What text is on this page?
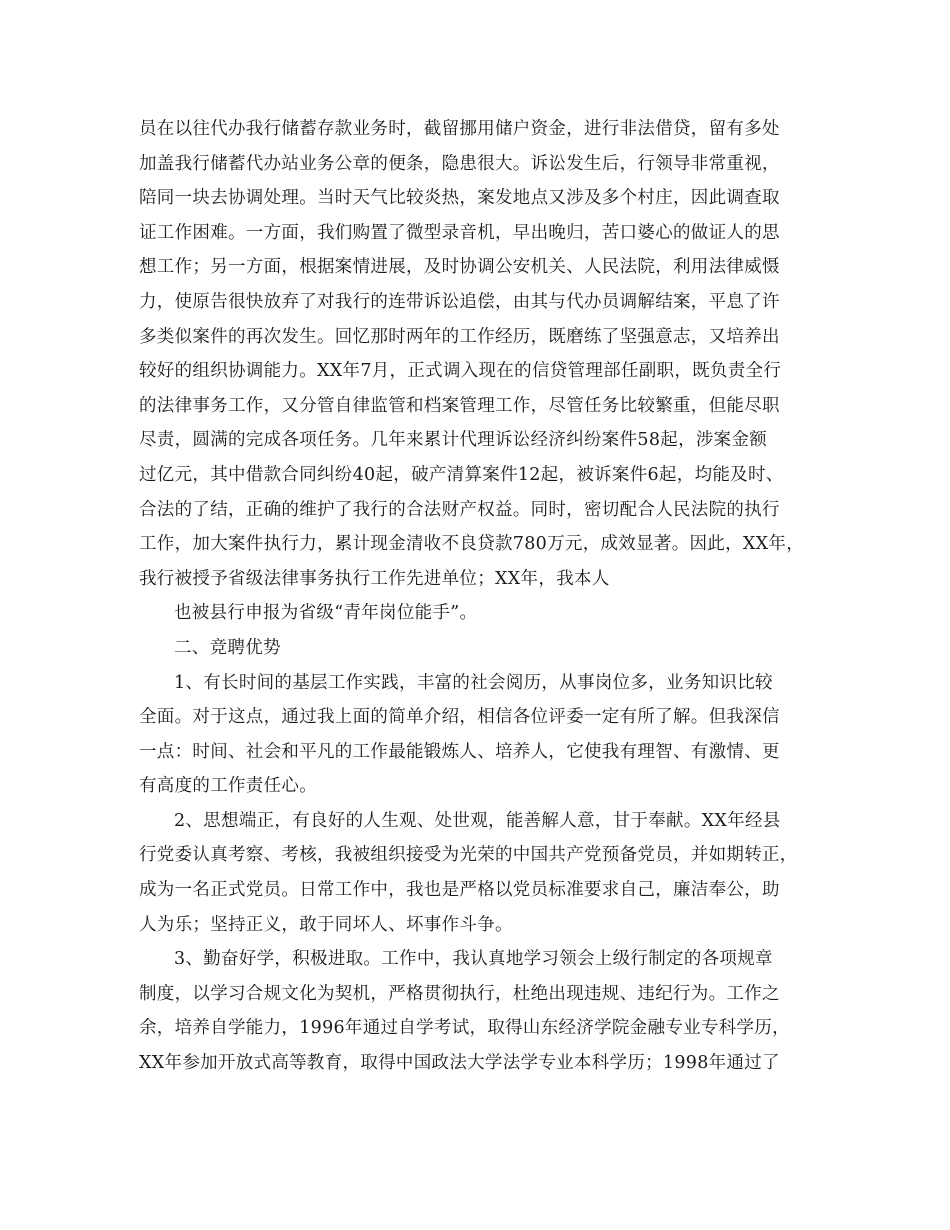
员在以往代办我行储蓄存款业务时，截留挪用储户资金，进行非法借贷，留有多处
加盖我行储蓄代办站业务公章的便条，隐患很大。诉讼发生后，行领导非常重视，
陪同一块去协调处理。当时天气比较炎热，案发地点又涉及多个村庄，因此调查取
证工作困难。一方面，我们购置了微型录音机，早出晚归，苦口婆心的做证人的思
想工作；另一方面，根据案情进展，及时协调公安机关、人民法院，利用法律威慑
力，使原告很快放弃了对我行的连带诉讼追偿，由其与代办员调解结案，平息了许
多类似案件的再次发生。回忆那时两年的工作经历，既磨练了坚强意志，又培养出
较好的组织协调能力。XX年7月，正式调入现在的信贷管理部任副职，既负责全行
的法律事务工作，又分管自律监管和档案管理工作，尽管任务比较繁重，但能尽职
尽责，圆满的完成各项任务。几年来累计代理诉讼经济纠纷案件58起，涉案金额
过亿元，其中借款合同纠纷40起，破产清算案件12起，被诉案件6起，均能及时、
合法的了结，正确的维护了我行的合法财产权益。同时，密切配合人民法院的执行
工作，加大案件执行力，累计现金清收不良贷款780万元，成效显著。因此，XX年，
我行被授予省级法律事务执行工作先进单位；XX年，我本人
也被县行申报为省级“青年岗位能手”。
二、竞聘优势
1、有长时间的基层工作实践，丰富的社会阅历，从事岗位多，业务知识比较
全面。对于这点，通过我上面的简单介绍，相信各位评委一定有所了解。但我深信
一点：时间、社会和平凡的工作最能锻炼人、培养人，它使我有理智、有激情、更
有高度的工作责任心。
2、思想端正，有良好的人生观、处世观，能善解人意，甘于奉献。XX年经县
行党委认真考察、考核，我被组织接受为光荣的中国共产党预备党员，并如期转正，
成为一名正式党员。日常工作中，我也是严格以党员标准要求自己，廉洁奉公，助
人为乐；坚持正义，敢于同坏人、坏事作斗争。
3、勤奋好学，积极进取。工作中，我认真地学习领会上级行制定的各项规章
制度，以学习合规文化为契机，严格贯彻执行，杜绝出现违规、违纪行为。工作之
余，培养自学能力，1996年通过自学考试，取得山东经济学院金融专业专科学历，
XX年参加开放式高等教育，取得中国政法大学法学专业本科学历；1998年通过了
